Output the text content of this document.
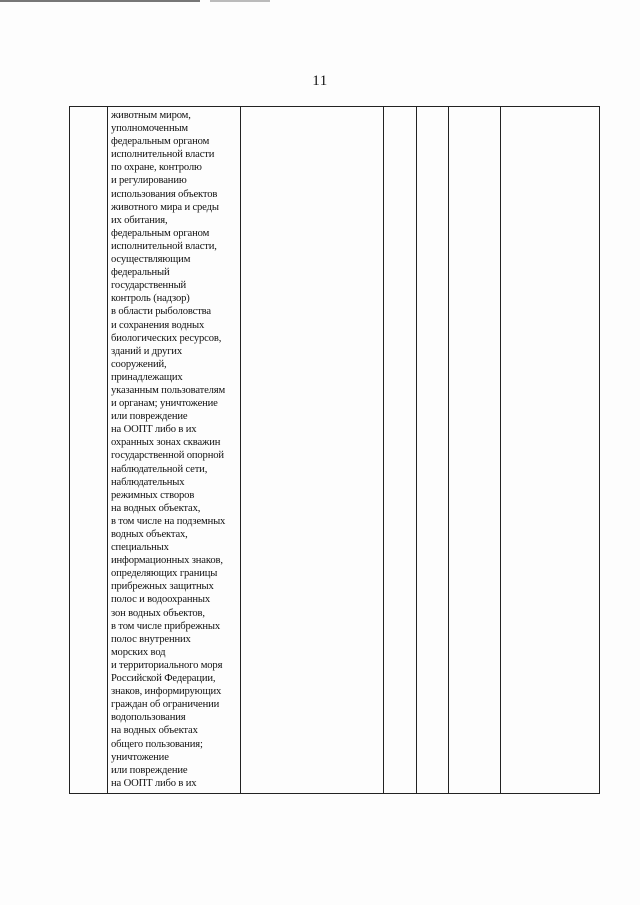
11

животным миром,
уполномоченным
федеральным органом
исполнительной власти
по охране, контролю
и регулированию
использования объектов
животного мира и среды
их обитания,
федеральным органом
исполнительной власти,
осуществляющим
федеральный
государственный
контроль (надзор)
в области рыболовства
и сохранения водных
биологических ресурсов,
зданий и других
сооружений,
принадлежащих
указанным пользователям
и органам; уничтожение
или повреждение
на ООПТ либо в их
охранных зонах скважин
государственной опорной
наблюдательной сети,
наблюдательных
режимных створов
на водных объектах,
в том числе на подземных
водных объектах,
специальных
информационных знаков,
определяющих границы
прибрежных защитных
полос и водоохранных
зон водных объектов,
в том числе прибрежных
полос внутренних
морских вод
и территориального моря
Российской Федерации,
знаков, информирующих
граждан об ограничении
водопользования
на водных объектах
общего пользования;
уничтожение
или повреждение
на ООПТ либо в их
